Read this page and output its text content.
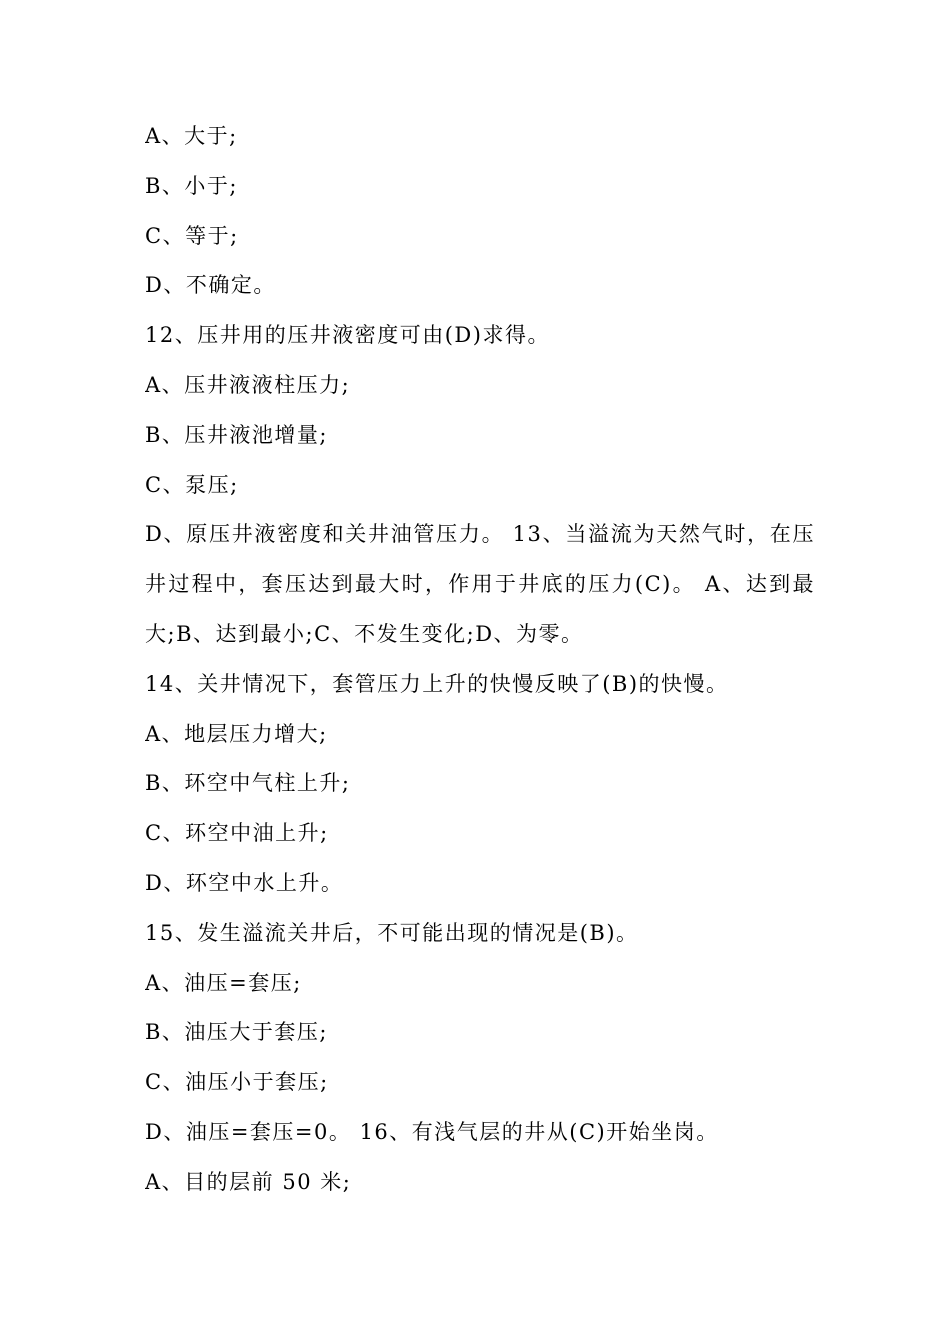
A、大于;

B、小于;

C、等于;

D、不确定。

12、压井用的压井液密度可由(D)求得。

A、压井液液柱压力;

B、压井液池增量;

C、泵压;

D、原压井液密度和关井油管压力。 13、当溢流为天然气时，在压井过程中，套压达到最大时，作用于井底的压力(C)。 A、达到最大;B、达到最小;C、不发生变化;D、为零。

14、关井情况下，套管压力上升的快慢反映了(B)的快慢。

A、地层压力增大;

B、环空中气柱上升;

C、环空中油上升;

D、环空中水上升。

15、发生溢流关井后，不可能出现的情况是(B)。

A、油压=套压;

B、油压大于套压;

C、油压小于套压;

D、油压=套压=0。 16、有浅气层的井从(C)开始坐岗。

A、目的层前 50 米;
